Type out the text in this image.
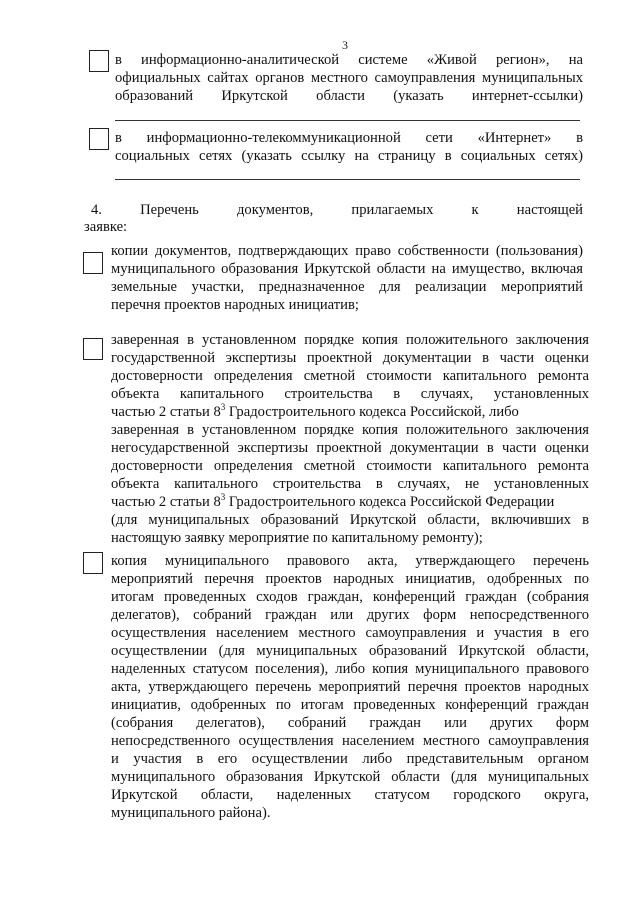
3
в информационно-аналитической системе «Живой регион», на
официальных сайтах органов местного самоуправления муниципальных
образований Иркутской области (указать интернет-ссылки)
в информационно-телекоммуникационной сети «Интернет» в
социальных сетях (указать ссылку на страницу в социальных сетях)
4. Перечень документов, прилагаемых к настоящей
заявке:
копии документов, подтверждающих право собственности (пользования)
муниципального образования Иркутской области на имущество, включая
земельные участки, предназначенное для реализации мероприятий
перечня проектов народных инициатив;
заверенная в установленном порядке копия положительного заключения
государственной экспертизы проектной документации в части оценки
достоверности определения сметной стоимости капитального ремонта
объекта капитального строительства в случаях, установленных
частью 2 статьи $8^3$ Градостроительного кодекса Российской, либо
заверенная в установленном порядке копия положительного заключения
негосударственной экспертизы проектной документации в части оценки
достоверности определения сметной стоимости капитального ремонта
объекта капитального строительства в случаях, не установленных
частью 2 статьи $8^3$ Градостроительного кодекса Российской Федерации
(для муниципальных образований Иркутской области, включивших в
настоящую заявку мероприятие по капитальному ремонту);
копия муниципального правового акта, утверждающего перечень
мероприятий перечня проектов народных инициатив, одобренных по
итогам проведенных сходов граждан, конференций граждан (собрания
делегатов), собраний граждан или других форм непосредственного
осуществления населением местного самоуправления и участия в его
осуществлении (для муниципальных образований Иркутской области,
наделенных статусом поселения), либо копия муниципального правового
акта, утверждающего перечень мероприятий перечня проектов народных
инициатив, одобренных по итогам проведенных конференций граждан
(собрания делегатов), собраний граждан или других форм
непосредственного осуществления населением местного самоуправления
и участия в его осуществлении либо представительным органом
муниципального образования Иркутской области (для муниципальных
Иркутской области, наделенных статусом городского округа,
муниципального района).
